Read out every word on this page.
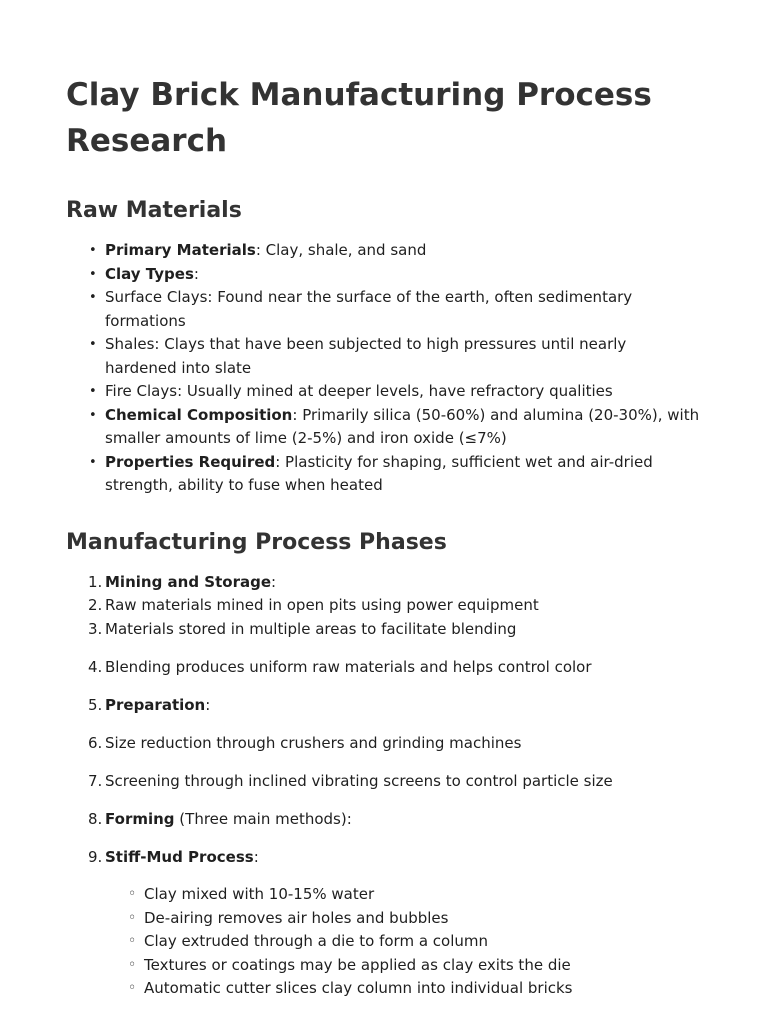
Clay Brick Manufacturing Process Research
Raw Materials
• Primary Materials: Clay, shale, and sand
• Clay Types:
• Surface Clays: Found near the surface of the earth, often sedimentary formations
• Shales: Clays that have been subjected to high pressures until nearly hardened into slate
• Fire Clays: Usually mined at deeper levels, have refractory qualities
• Chemical Composition: Primarily silica (50-60%) and alumina (20-30%), with smaller amounts of lime (2-5%) and iron oxide (≤7%)
• Properties Required: Plasticity for shaping, sufficient wet and air-dried strength, ability to fuse when heated
Manufacturing Process Phases
1. Mining and Storage:
2. Raw materials mined in open pits using power equipment
3. Materials stored in multiple areas to facilitate blending
4. Blending produces uniform raw materials and helps control color
5. Preparation:
6. Size reduction through crushers and grinding machines
7. Screening through inclined vibrating screens to control particle size
8. Forming (Three main methods):
9. Stiff-Mud Process:
◦ Clay mixed with 10-15% water
◦ De-airing removes air holes and bubbles
◦ Clay extruded through a die to form a column
◦ Textures or coatings may be applied as clay exits the die
◦ Automatic cutter slices clay column into individual bricks
